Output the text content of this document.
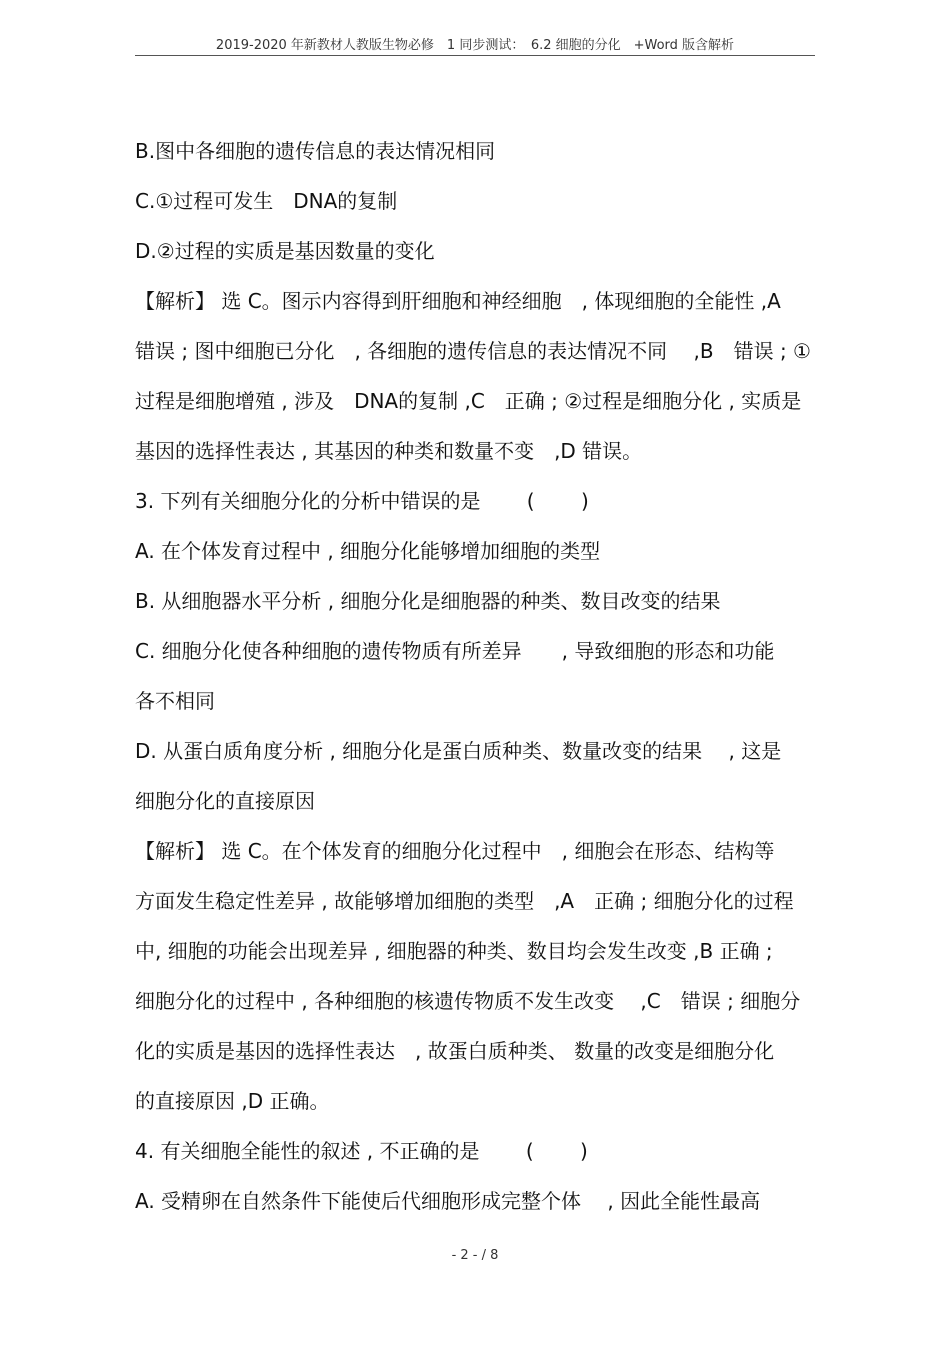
2019-2020 年新教材人教版生物必修　1 同步测试：　6.2 细胞的分化　+Word 版含解析
B.图中各细胞的遗传信息的表达情况相同
C.①过程可发生　DNA的复制
D.②过程的实质是基因数量的变化
【解析】 选 C。图示内容得到肝细胞和神经细胞　, 体现细胞的全能性 ,A
错误 ; 图中细胞已分化　, 各细胞的遗传信息的表达情况不同　 ,B　错误 ; ①
过程是细胞增殖 , 涉及　DNA的复制 ,C　正确 ; ②过程是细胞分化 , 实质是
基因的选择性表达 , 其基因的种类和数量不变　,D 错误。
3. 下列有关细胞分化的分析中错误的是　　 (　　 )
A. 在个体发育过程中 , 细胞分化能够增加细胞的类型
B. 从细胞器水平分析 , 细胞分化是细胞器的种类、数目改变的结果
C. 细胞分化使各种细胞的遗传物质有所差异　　, 导致细胞的形态和功能
各不相同
D. 从蛋白质角度分析 , 细胞分化是蛋白质种类、数量改变的结果　 , 这是
细胞分化的直接原因
【解析】 选 C。在个体发育的细胞分化过程中　, 细胞会在形态、结构等
方面发生稳定性差异 , 故能够增加细胞的类型　,A　正确 ; 细胞分化的过程
中, 细胞的功能会出现差异 , 细胞器的种类、数目均会发生改变 ,B 正确 ;
细胞分化的过程中 , 各种细胞的核遗传物质不发生改变　 ,C　错误 ; 细胞分
化的实质是基因的选择性表达　, 故蛋白质种类、 数量的改变是细胞分化
的直接原因 ,D 正确。
4. 有关细胞全能性的叙述 , 不正确的是　　 (　　 )
A. 受精卵在自然条件下能使后代细胞形成完整个体　 , 因此全能性最高
- 2 - / 8
